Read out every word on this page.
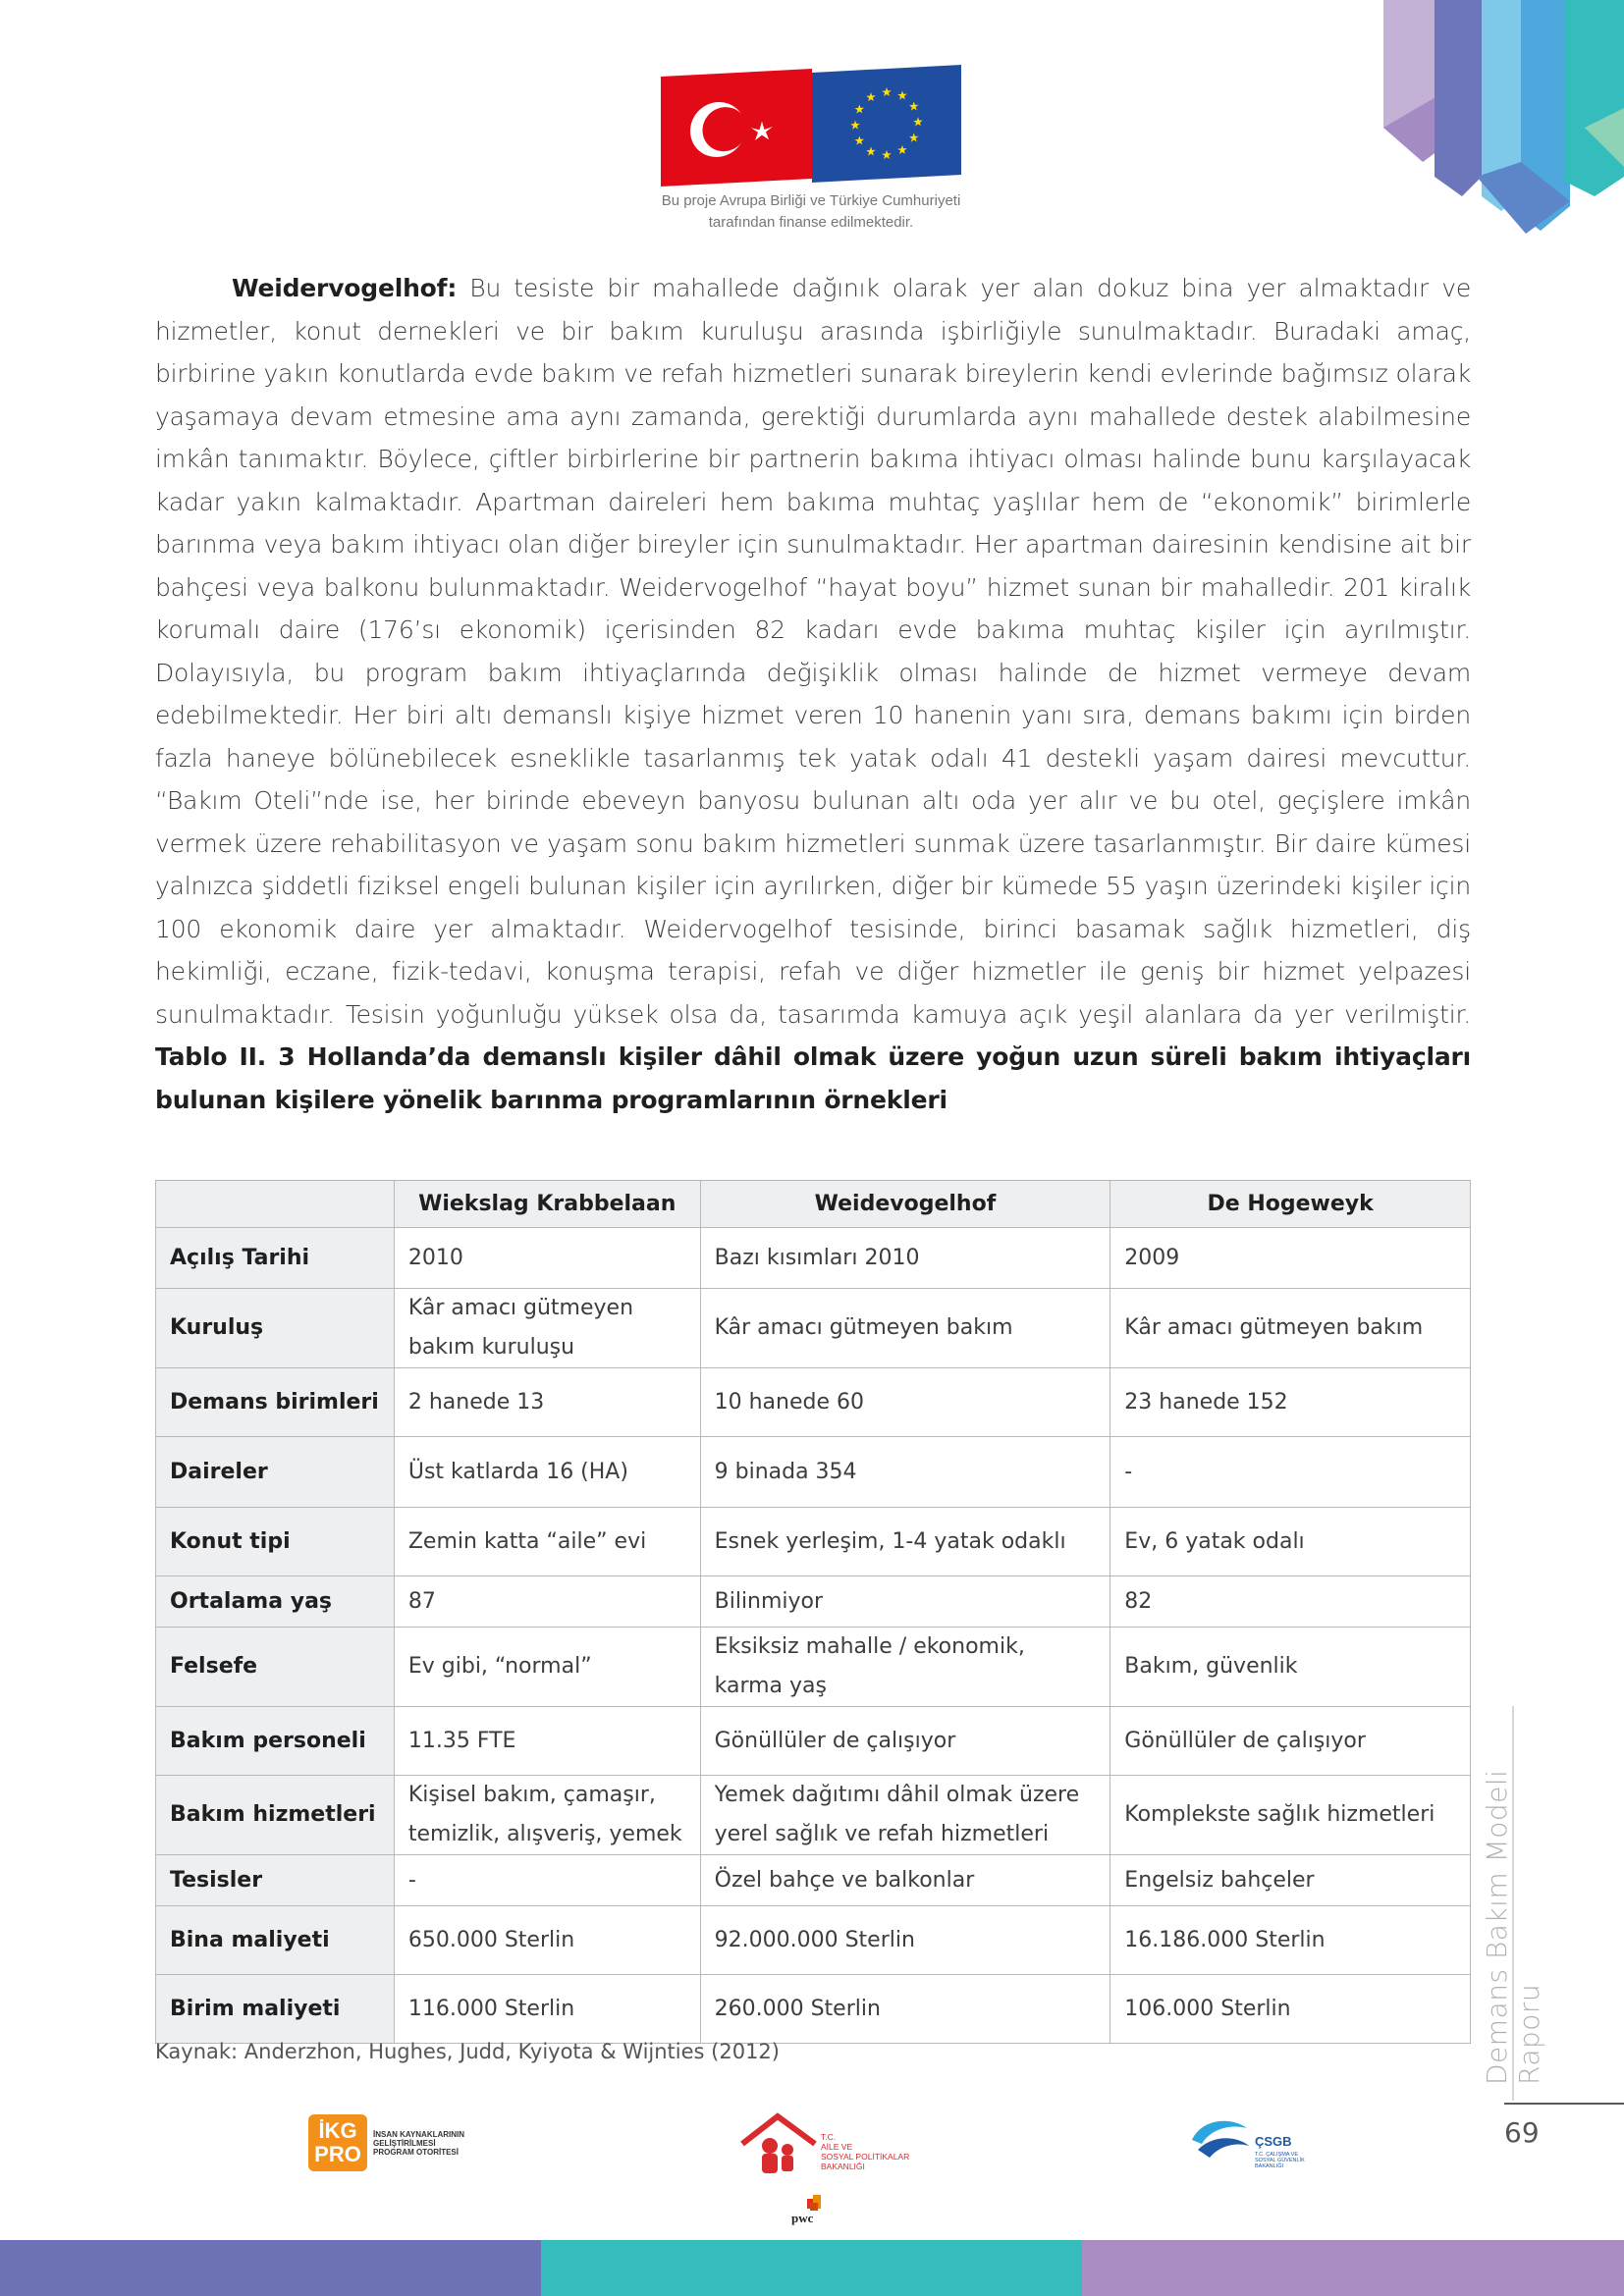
Bu proje Avrupa Birliği ve Türkiye Cumhuriyeti
tarafından finanse edilmektedir.
Weidervogelhof: Bu tesiste bir mahallede dağınık olarak yer alan dokuz bina yer almaktadır ve hizmetler, konut dernekleri ve bir bakım kuruluşu arasında işbirliğiyle sunulmaktadır. Buradaki amaç, birbirine yakın konutlarda evde bakım ve refah hizmetleri sunarak bireylerin kendi evlerinde bağımsız olarak yaşamaya devam etmesine ama aynı zamanda, gerektiği durumlarda aynı mahallede destek alabilmesine imkân tanımaktır. Böylece, çiftler birbirlerine bir partnerin bakıma ihtiyacı olması halinde bunu karşılayacak kadar yakın kalmaktadır. Apartman daireleri hem bakıma muhtaç yaşlılar hem de “ekonomik” birimlerle barınma veya bakım ihtiyacı olan diğer bireyler için sunulmaktadır. Her apartman dairesinin kendisine ait bir bahçesi veya balkonu bulunmaktadır. Weidervogelhof “hayat boyu” hizmet sunan bir mahalledir. 201 kiralık korumalı daire (176’sı ekonomik) içerisinden 82 kadarı evde bakıma muhtaç kişiler için ayrılmıştır. Dolayısıyla, bu program bakım ihtiyaçlarında değişiklik olması halinde de hizmet vermeye devam edebilmektedir. Her biri altı demanslı kişiye hizmet veren 10 hanenin yanı sıra, demans bakımı için birden fazla haneye bölünebilecek esneklikle tasarlanmış tek yatak odalı 41 destekli yaşam dairesi mevcuttur. “Bakım Oteli”nde ise, her birinde ebeveyn banyosu bulunan altı oda yer alır ve bu otel, geçişlere imkân vermek üzere rehabilitasyon ve yaşam sonu bakım hizmetleri sunmak üzere tasarlanmıştır. Bir daire kümesi yalnızca şiddetli fiziksel engeli bulunan kişiler için ayrılırken, diğer bir kümede 55 yaşın üzerindeki kişiler için 100 ekonomik daire yer almaktadır. Weidervogelhof tesisinde, birinci basamak sağlık hizmetleri, diş hekimliği, eczane, fizik-tedavi, konuşma terapisi, refah ve diğer hizmetler ile geniş bir hizmet yelpazesi sunulmaktadır. Tesisin yoğunluğu yüksek olsa da, tasarımda kamuya açık yeşil alanlara da yer verilmiştir. Tablo II. 3 Hollanda’da demanslı kişiler dâhil olmak üzere yoğun uzun süreli bakım ihtiyaçları bulunan kişilere yönelik barınma programlarının örnekleri
	Wiekslag Krabbelaan	Weidevogelhof	De Hogeweyk
Açılış Tarihi	2010	Bazı kısımları 2010	2009
Kuruluş	Kâr amacı gütmeyen bakım kuruluşu	Kâr amacı gütmeyen bakım	Kâr amacı gütmeyen bakım
Demans birimleri	2 hanede 13	10 hanede 60	23 hanede 152
Daireler	Üst katlarda 16 (HA)	9 binada 354	-
Konut tipi	Zemin katta “aile” evi	Esnek yerleşim, 1-4 yatak odaklı	Ev, 6 yatak odalı
Ortalama yaş	87	Bilinmiyor	82
Felsefe	Ev gibi, “normal”	Eksiksiz mahalle / ekonomik, karma yaş	Bakım, güvenlik
Bakım personeli	11.35 FTE	Gönüllüler de çalışıyor	Gönüllüler de çalışıyor
Bakım hizmetleri	Kişisel bakım, çamaşır, temizlik, alışveriş, yemek	Yemek dağıtımı dâhil olmak üzere yerel sağlık ve refah hizmetleri	Komplekste sağlık hizmetleri
Tesisler	-	Özel bahçe ve balkonlar	Engelsiz bahçeler
Bina maliyeti	650.000 Sterlin	92.000.000 Sterlin	16.186.000 Sterlin
Birim maliyeti	116.000 Sterlin	260.000 Sterlin	106.000 Sterlin
Kaynak: Anderzhon, Hughes, Judd, Kyiyota & Wijnties (2012)	Demans Bakım Modeli Raporu
69
İKG PRO
İNSAN KAYNAKLARININ
GELİŞTİRİLMESİ
PROGRAM OTORİTESİ
T.C.
AİLE VE
SOSYAL POLİTİKALAR
BAKANLIĞI
pwc
ÇSGB
T.C. ÇALIŞMA VE
SOSYAL GÜVENLİK
BAKANLIĞI
